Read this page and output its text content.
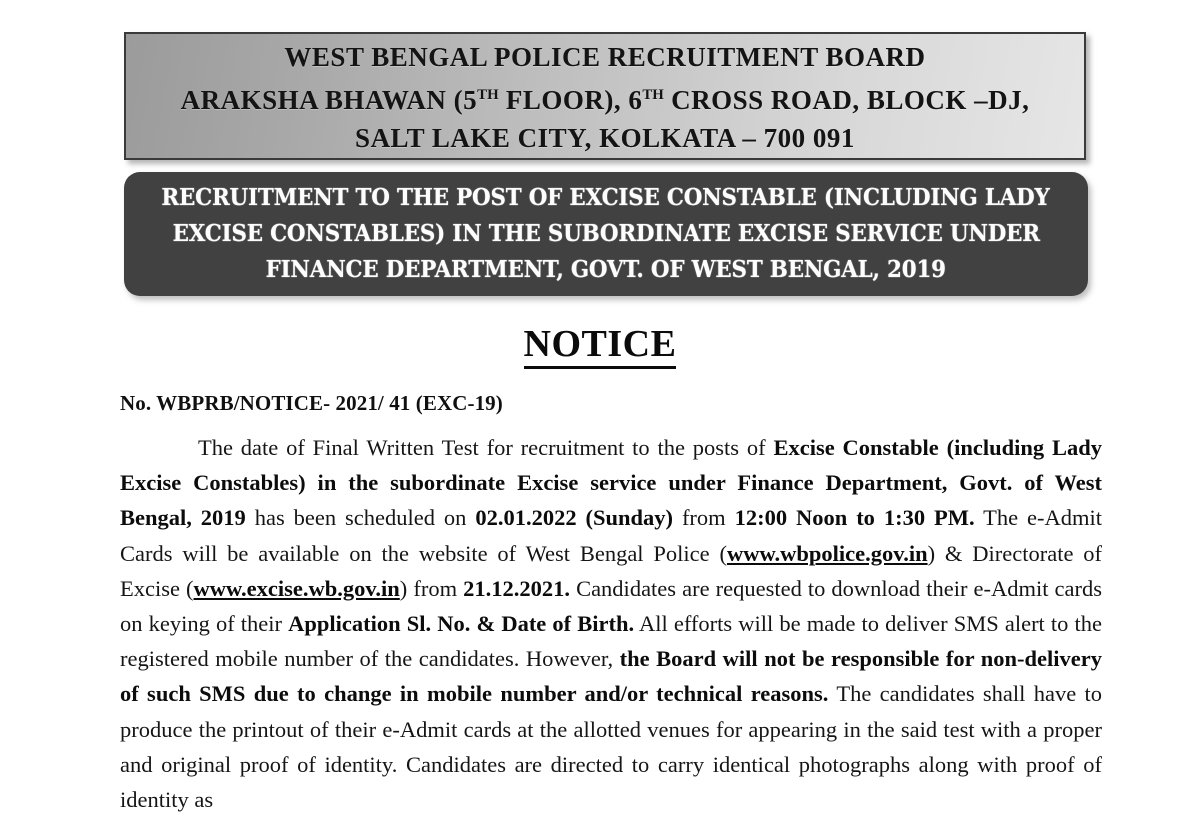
WEST BENGAL POLICE RECRUITMENT BOARD
ARAKSHA BHAWAN (5TH FLOOR), 6TH CROSS ROAD, BLOCK –DJ,
SALT LAKE CITY, KOLKATA – 700 091
RECRUITMENT TO THE POST OF EXCISE CONSTABLE (INCLUDING LADY
EXCISE CONSTABLES) IN THE SUBORDINATE EXCISE SERVICE UNDER
FINANCE DEPARTMENT, GOVT. OF WEST BENGAL, 2019
NOTICE
No. WBPRB/NOTICE- 2021/ 41 (EXC-19)
The date of Final Written Test for recruitment to the posts of Excise Constable (including Lady Excise Constables) in the subordinate Excise service under Finance Department, Govt. of West Bengal, 2019 has been scheduled on 02.01.2022 (Sunday) from 12:00 Noon to 1:30 PM. The e-Admit Cards will be available on the website of West Bengal Police (www.wbpolice.gov.in) & Directorate of Excise (www.excise.wb.gov.in) from 21.12.2021. Candidates are requested to download their e-Admit cards on keying of their Application Sl. No. & Date of Birth. All efforts will be made to deliver SMS alert to the registered mobile number of the candidates. However, the Board will not be responsible for non-delivery of such SMS due to change in mobile number and/or technical reasons. The candidates shall have to produce the printout of their e-Admit cards at the allotted venues for appearing in the said test with a proper and original proof of identity. Candidates are directed to carry identical photographs along with proof of identity as
